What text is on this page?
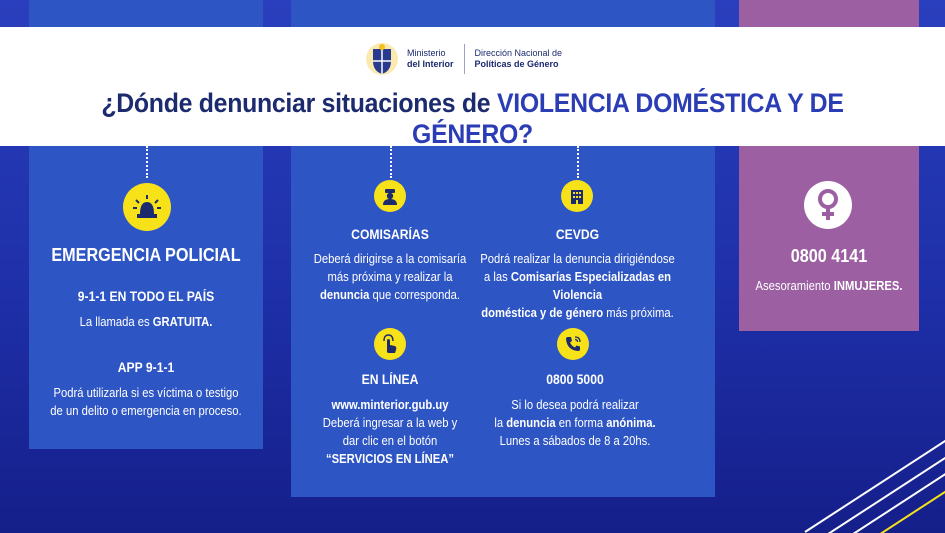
Ministerio
del Interior
Dirección Nacional de
Políticas de Género
¿Dónde denunciar situaciones de VIOLENCIA DOMÉSTICA Y DE GÉNERO?
EMERGENCIA POLICIAL
9-1-1 EN TODO EL PAÍS
La llamada es GRATUITA.
APP 9-1-1
Podrá utilizarla si es víctima o testigo
de un delito o emergencia en proceso.
COMISARÍAS
Deberá dirigirse a la comisaría
más próxima y realizar la
denuncia que corresponda.
CEVDG
Podrá realizar la denuncia dirigiéndose
a las Comisarías Especializadas en Violencia
doméstica y de género más próxima.
EN LÍNEA
www.minterior.gub.uy
Deberá ingresar a la web y
dar clic en el botón
“SERVICIOS EN LÍNEA”
0800 5000
Si lo desea podrá realizar
la denuncia en forma anónima.
Lunes a sábados de 8 a 20hs.
0800 4141
Asesoramiento INMUJERES.
